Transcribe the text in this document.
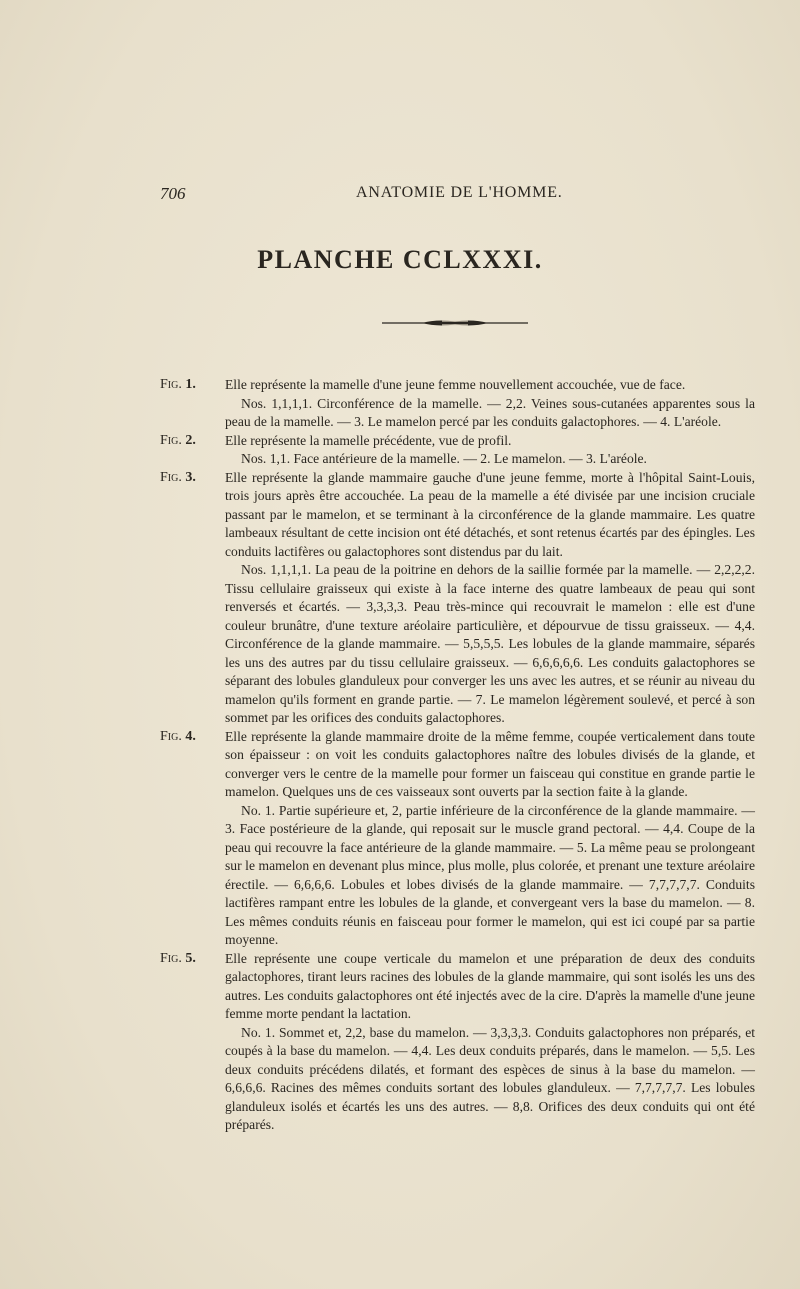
706	ANATOMIE DE L'HOMME.
PLANCHE CCLXXXI.
Fig. 1.	Elle représente la mamelle d'une jeune femme nouvellement accouchée, vue de face.
Nos. 1,1,1,1. Circonférence de la mamelle. — 2,2. Veines sous-cutanées apparentes sous la peau de la mamelle. — 3. Le mamelon percé par les conduits galactophores. — 4. L'aréole.
Fig. 2.	Elle représente la mamelle précédente, vue de profil.
Nos. 1,1. Face antérieure de la mamelle. — 2. Le mamelon. — 3. L'aréole.
Fig. 3.	Elle représente la glande mammaire gauche d'une jeune femme, morte à l'hôpital Saint-Louis, trois jours après être accouchée. La peau de la mamelle a été divisée par une incision cruciale passant par le mamelon, et se terminant à la circonférence de la glande mammaire. Les quatre lambeaux résultant de cette incision ont été détachés, et sont retenus écartés par des épingles. Les conduits lactifères ou galactophores sont distendus par du lait.
Nos. 1,1,1,1. La peau de la poitrine en dehors de la saillie formée par la mamelle. — 2,2,2,2. Tissu cellulaire graisseux qui existe à la face interne des quatre lambeaux de peau qui sont renversés et écartés. — 3,3,3,3. Peau très-mince qui recouvrait le mamelon : elle est d'une couleur brunâtre, d'une texture aréolaire particulière, et dépourvue de tissu graisseux. — 4,4. Circonférence de la glande mammaire. — 5,5,5,5. Les lobules de la glande mammaire, séparés les uns des autres par du tissu cellulaire graisseux. — 6,6,6,6,6. Les conduits galactophores se séparant des lobules glanduleux pour converger les uns avec les autres, et se réunir au niveau du mamelon qu'ils forment en grande partie. — 7. Le mamelon légèrement soulevé, et percé à son sommet par les orifices des conduits galactophores.
Fig. 4.	Elle représente la glande mammaire droite de la même femme, coupée verticalement dans toute son épaisseur : on voit les conduits galactophores naître des lobules divisés de la glande, et converger vers le centre de la mamelle pour former un faisceau qui constitue en grande partie le mamelon. Quelques uns de ces vaisseaux sont ouverts par la section faite à la glande.
No. 1. Partie supérieure et, 2, partie inférieure de la circonférence de la glande mammaire. — 3. Face postérieure de la glande, qui reposait sur le muscle grand pectoral. — 4,4. Coupe de la peau qui recouvre la face antérieure de la glande mammaire. — 5. La même peau se prolongeant sur le mamelon en devenant plus mince, plus molle, plus colorée, et prenant une texture aréolaire érectile. — 6,6,6,6. Lobules et lobes divisés de la glande mammaire. — 7,7,7,7,7. Conduits lactifères rampant entre les lobules de la glande, et convergeant vers la base du mamelon. — 8. Les mêmes conduits réunis en faisceau pour former le mamelon, qui est ici coupé par sa partie moyenne.
Fig. 5.	Elle représente une coupe verticale du mamelon et une préparation de deux des conduits galactophores, tirant leurs racines des lobules de la glande mammaire, qui sont isolés les uns des autres. Les conduits galactophores ont été injectés avec de la cire. D'après la mamelle d'une jeune femme morte pendant la lactation.
No. 1. Sommet et, 2,2, base du mamelon. — 3,3,3,3. Conduits galactophores non préparés, et coupés à la base du mamelon. — 4,4. Les deux conduits préparés, dans le mamelon. — 5,5. Les deux conduits précédens dilatés, et formant des espèces de sinus à la base du mamelon. — 6,6,6,6. Racines des mêmes conduits sortant des lobules glanduleux. — 7,7,7,7,7. Les lobules glanduleux isolés et écartés les uns des autres. — 8,8. Orifices des deux conduits qui ont été préparés.
